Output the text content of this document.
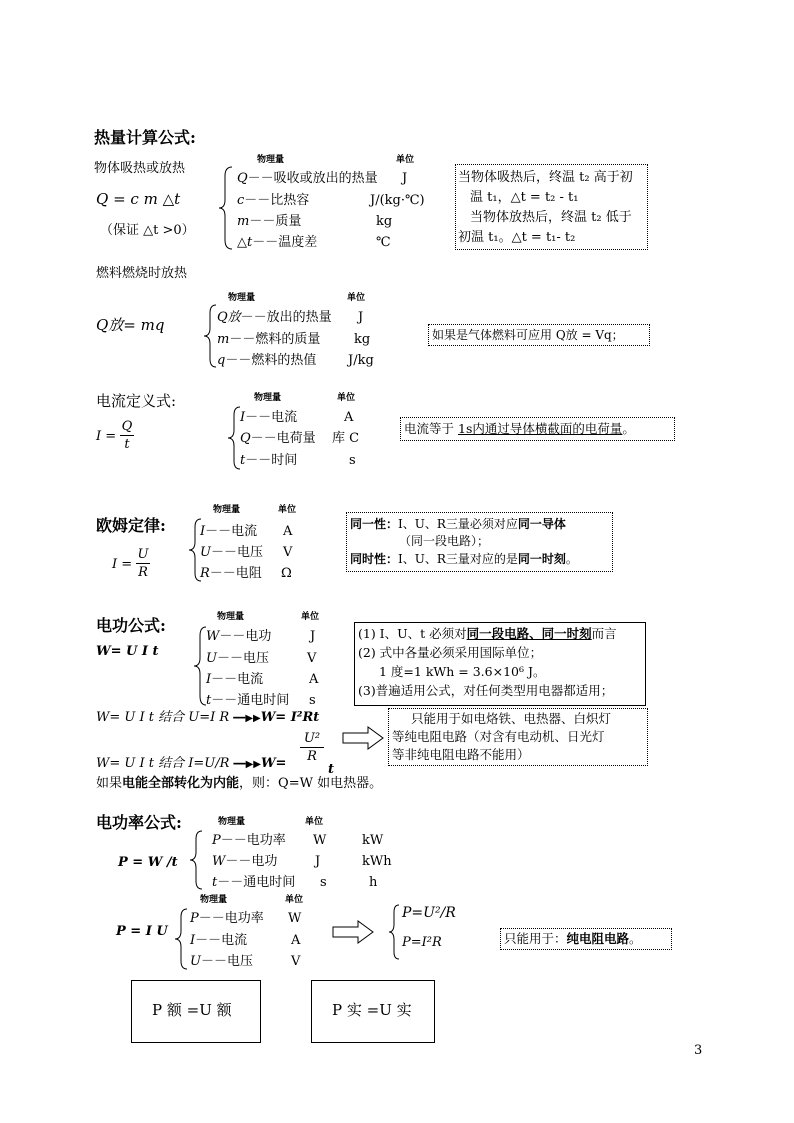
热量计算公式:
物体吸热或放热
Q = c m △t
（保证 △t >0）
物理量	单位
Q－－吸收或放出的热量 J
c－－比热容	J/(kg·℃)
m－－质量	kg
△t－－温度差	℃
当物体吸热后，终温 t₂ 高于初
温 t₁，△t = t₂ - t₁
当物体放热后，终温 t₂ 低于
初温 t₁。△t = t₁- t₂
燃料燃烧时放热
Q放= mq
物理量	单位
Q放－－放出的热量 J
m－－燃料的质量	kg
q－－燃料的热值 J/kg
如果是气体燃料可应用 Q放 = Vq；
电流定义式:
I =
Q
t
物理量	单位
I－－电流	A
Q－－电荷量 库 C
t－－时间	s
电流等于 1s内通过导体横截面的电荷量。
欧姆定律:
I =
U
R
物理量	单位
I－－电流 A
U－－电压 V
R－－电阻 Ω
同一性：I、U、R三量必须对应同一导体
（同一段电路）；
同时性：I、U、R三量对应的是同一时刻。
电功公式:
W= U I t
物理量	单位
W－－电功	J
U－－电压	V
I－－电流	A
t－－通电时间 s
(1) I、U、t 必须对同一段电路、同一时刻而言
(2) 式中各量必须采用国际单位；
1 度=1 kWh = 3.6×10⁶ J。
(3)普遍适用公式，对任何类型用电器都适用；
W= U I t 结合 U=I R ━━▶▶W= I²Rt
W= U I t 结合 I=U/R ━━▶▶W=
U²
R
t
只能用于如电烙铁、电热器、白炽灯
等纯电阻电路（对含有电动机、日光灯
等非纯电阻电路不能用）
如果电能全部转化为内能，则：Q=W 如电热器。
电功率公式:
P = W /t
物理量	单位
P－－电功率 W	kW
W－－电功	J	kWh
t－－通电时间 s	h
P = I U
物理量	单位
P－－电功率 W
I－－电流	A
U－－电压	V
P=U²/R
P=I²R	只能用于：纯电阻电路。
P 额 =U 额	P 实 =U 实
3
